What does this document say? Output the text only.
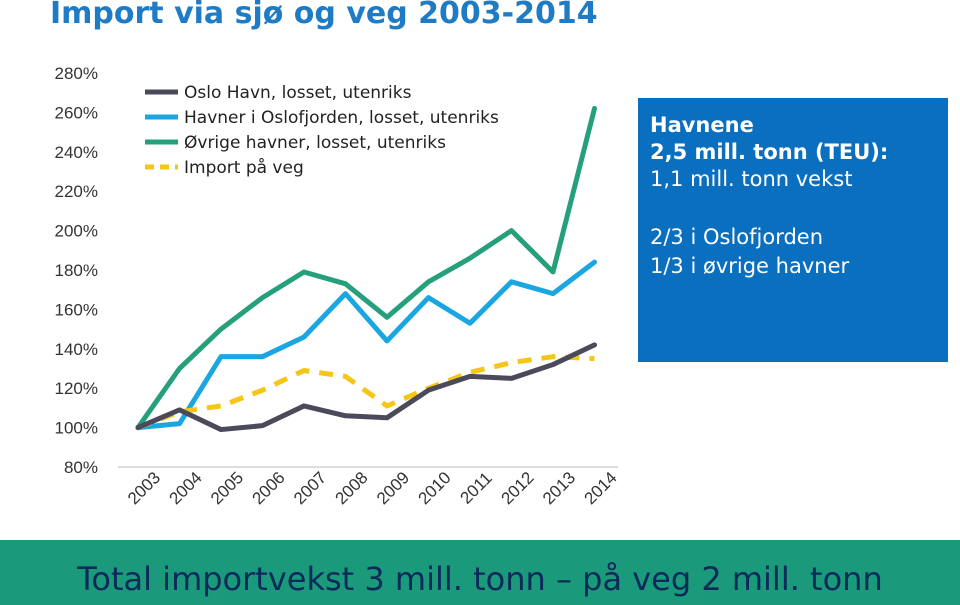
Import via sjø og veg 2003-2014
80%
100%
120%
140%
160%
180%
200%
220%
240%
260%
280%
2003 2004 2005 2006 2007 2008 2009 2010 2011 2012 2013 2014
Oslo Havn, losset, utenriks
Havner i Oslofjorden, losset, utenriks
Øvrige havner, losset, utenriks
Import på veg
Havnene
2,5 mill. tonn (TEU):
1,1 mill. tonn vekst
2/3 i Oslofjorden
1/3 i øvrige havner
Total importvekst 3 mill. tonn – på veg 2 mill. tonn
